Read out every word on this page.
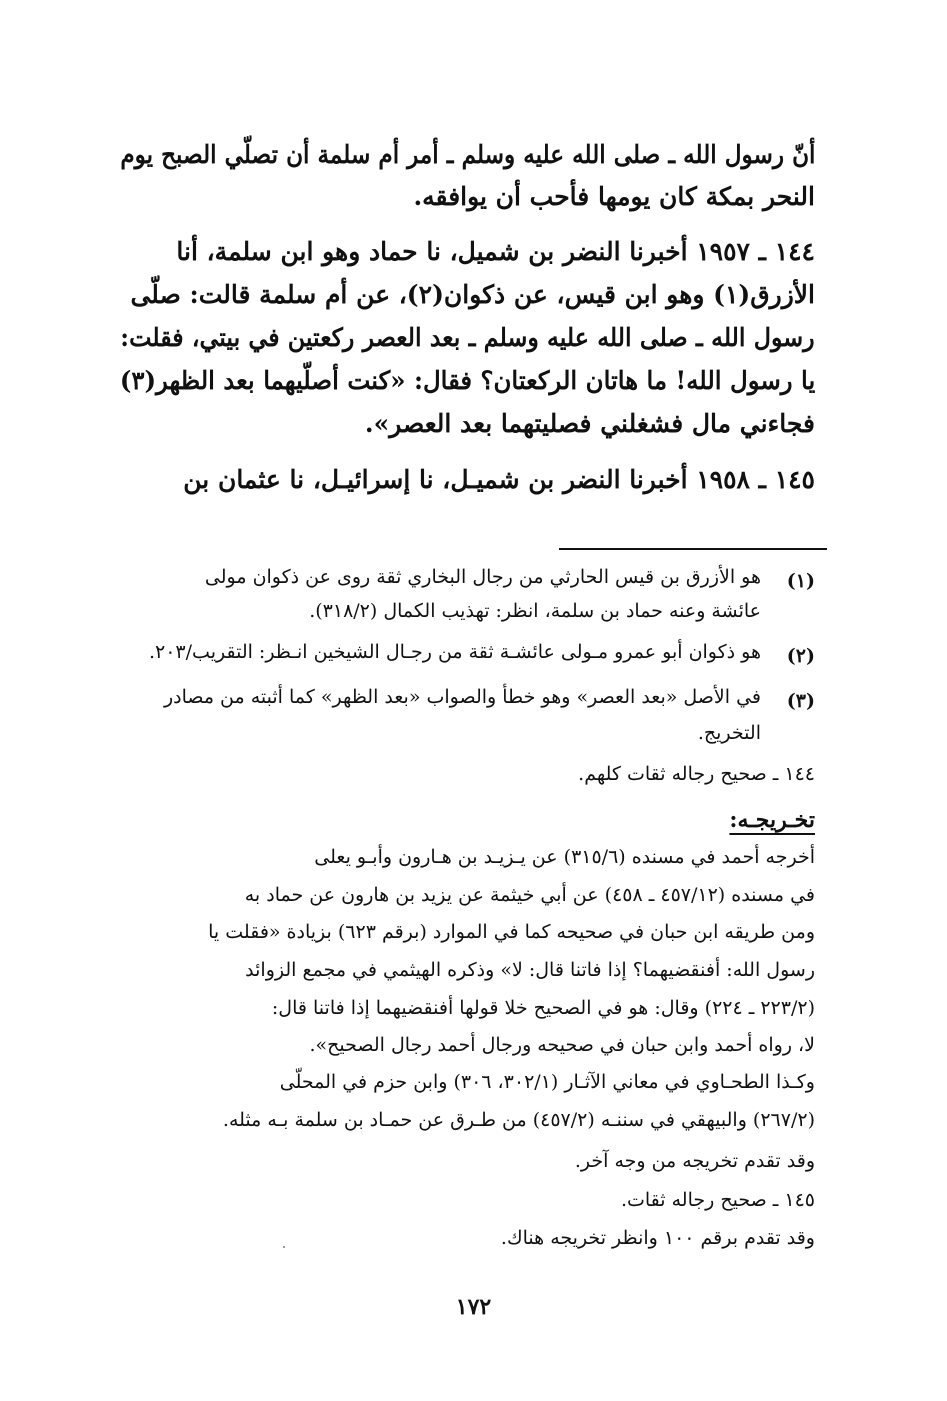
أنّ رسول الله ـ صلى الله عليه وسلم ـ أمر أم سلمة أن تصلّي الصبح يوم
النحر بمكة كان يومها فأحب أن يوافقه.
١٤٤ ـ ١٩٥٧ أخبرنا النضر بن شميل، نا حماد وهو ابن سلمة، أنا
الأزرق(١) وهو ابن قيس، عن ذكوان(٢)، عن أم سلمة قالت: صلّى
رسول الله ـ صلى الله عليه وسلم ـ بعد العصر ركعتين في بيتي، فقلت:
يا رسول الله! ما هاتان الركعتان؟ فقال: «كنت أصلّيهما بعد الظهر(٣)
فجاءني مال فشغلني فصليتهما بعد العصر».
١٤٥ ـ ١٩٥٨ أخبرنا النضر بن شميـل، نا إسرائيـل، نا عثمان بن
(١)
هو الأزرق بن قيس الحارثي من رجال البخاري ثقة روى عن ذكوان مولى
عائشة وعنه حماد بن سلمة، انظر: تهذيب الكمال (٣١٨/٢).
(٢)
هو ذكوان أبو عمرو مـولى عائشـة ثقة من رجـال الشيخين انـظر: التقريب/٢٠٣.
(٣)
في الأصل «بعد العصر» وهو خطأ والصواب «بعد الظهر» كما أثبته من مصادر
التخريج.
١٤٤ ـ صحيح رجاله ثقات كلهم.
تخـريجـه:
أخرجه أحمد في مسنده (٣١٥/٦) عن يـزيـد بن هـارون وأبـو يعلى
في مسنده (٤٥٧/١٢ ـ ٤٥٨) عن أبي خيثمة عن يزيد بن هارون عن حماد به
ومن طريقه ابن حبان في صحيحه كما في الموارد (برقم ٦٢٣) بزيادة «فقلت يا
رسول الله: أفنقضيهما؟ إذا فاتنا قال: لا» وذكره الهيثمي في مجمع الزوائد
(٢٢٣/٢ ـ ٢٢٤) وقال: هو في الصحيح خلا قولها أفنقضيهما إذا فاتنا قال:
لا، رواه أحمد وابن حبان في صحيحه ورجال أحمد رجال الصحيح».
وكـذا الطحـاوي في معاني الآثـار (٣٠٢/١، ٣٠٦) وابن حزم في المحلّى
(٢٦٧/٢) والبيهقي في سننـه (٤٥٧/٢) من طـرق عن حمـاد بن سلمة بـه مثله.
وقد تقدم تخريجه من وجه آخر.
١٤٥ ـ صحيح رجاله ثقات.
وقد تقدم برقم ١٠٠ وانظر تخريجه هناك.
١٧٢
